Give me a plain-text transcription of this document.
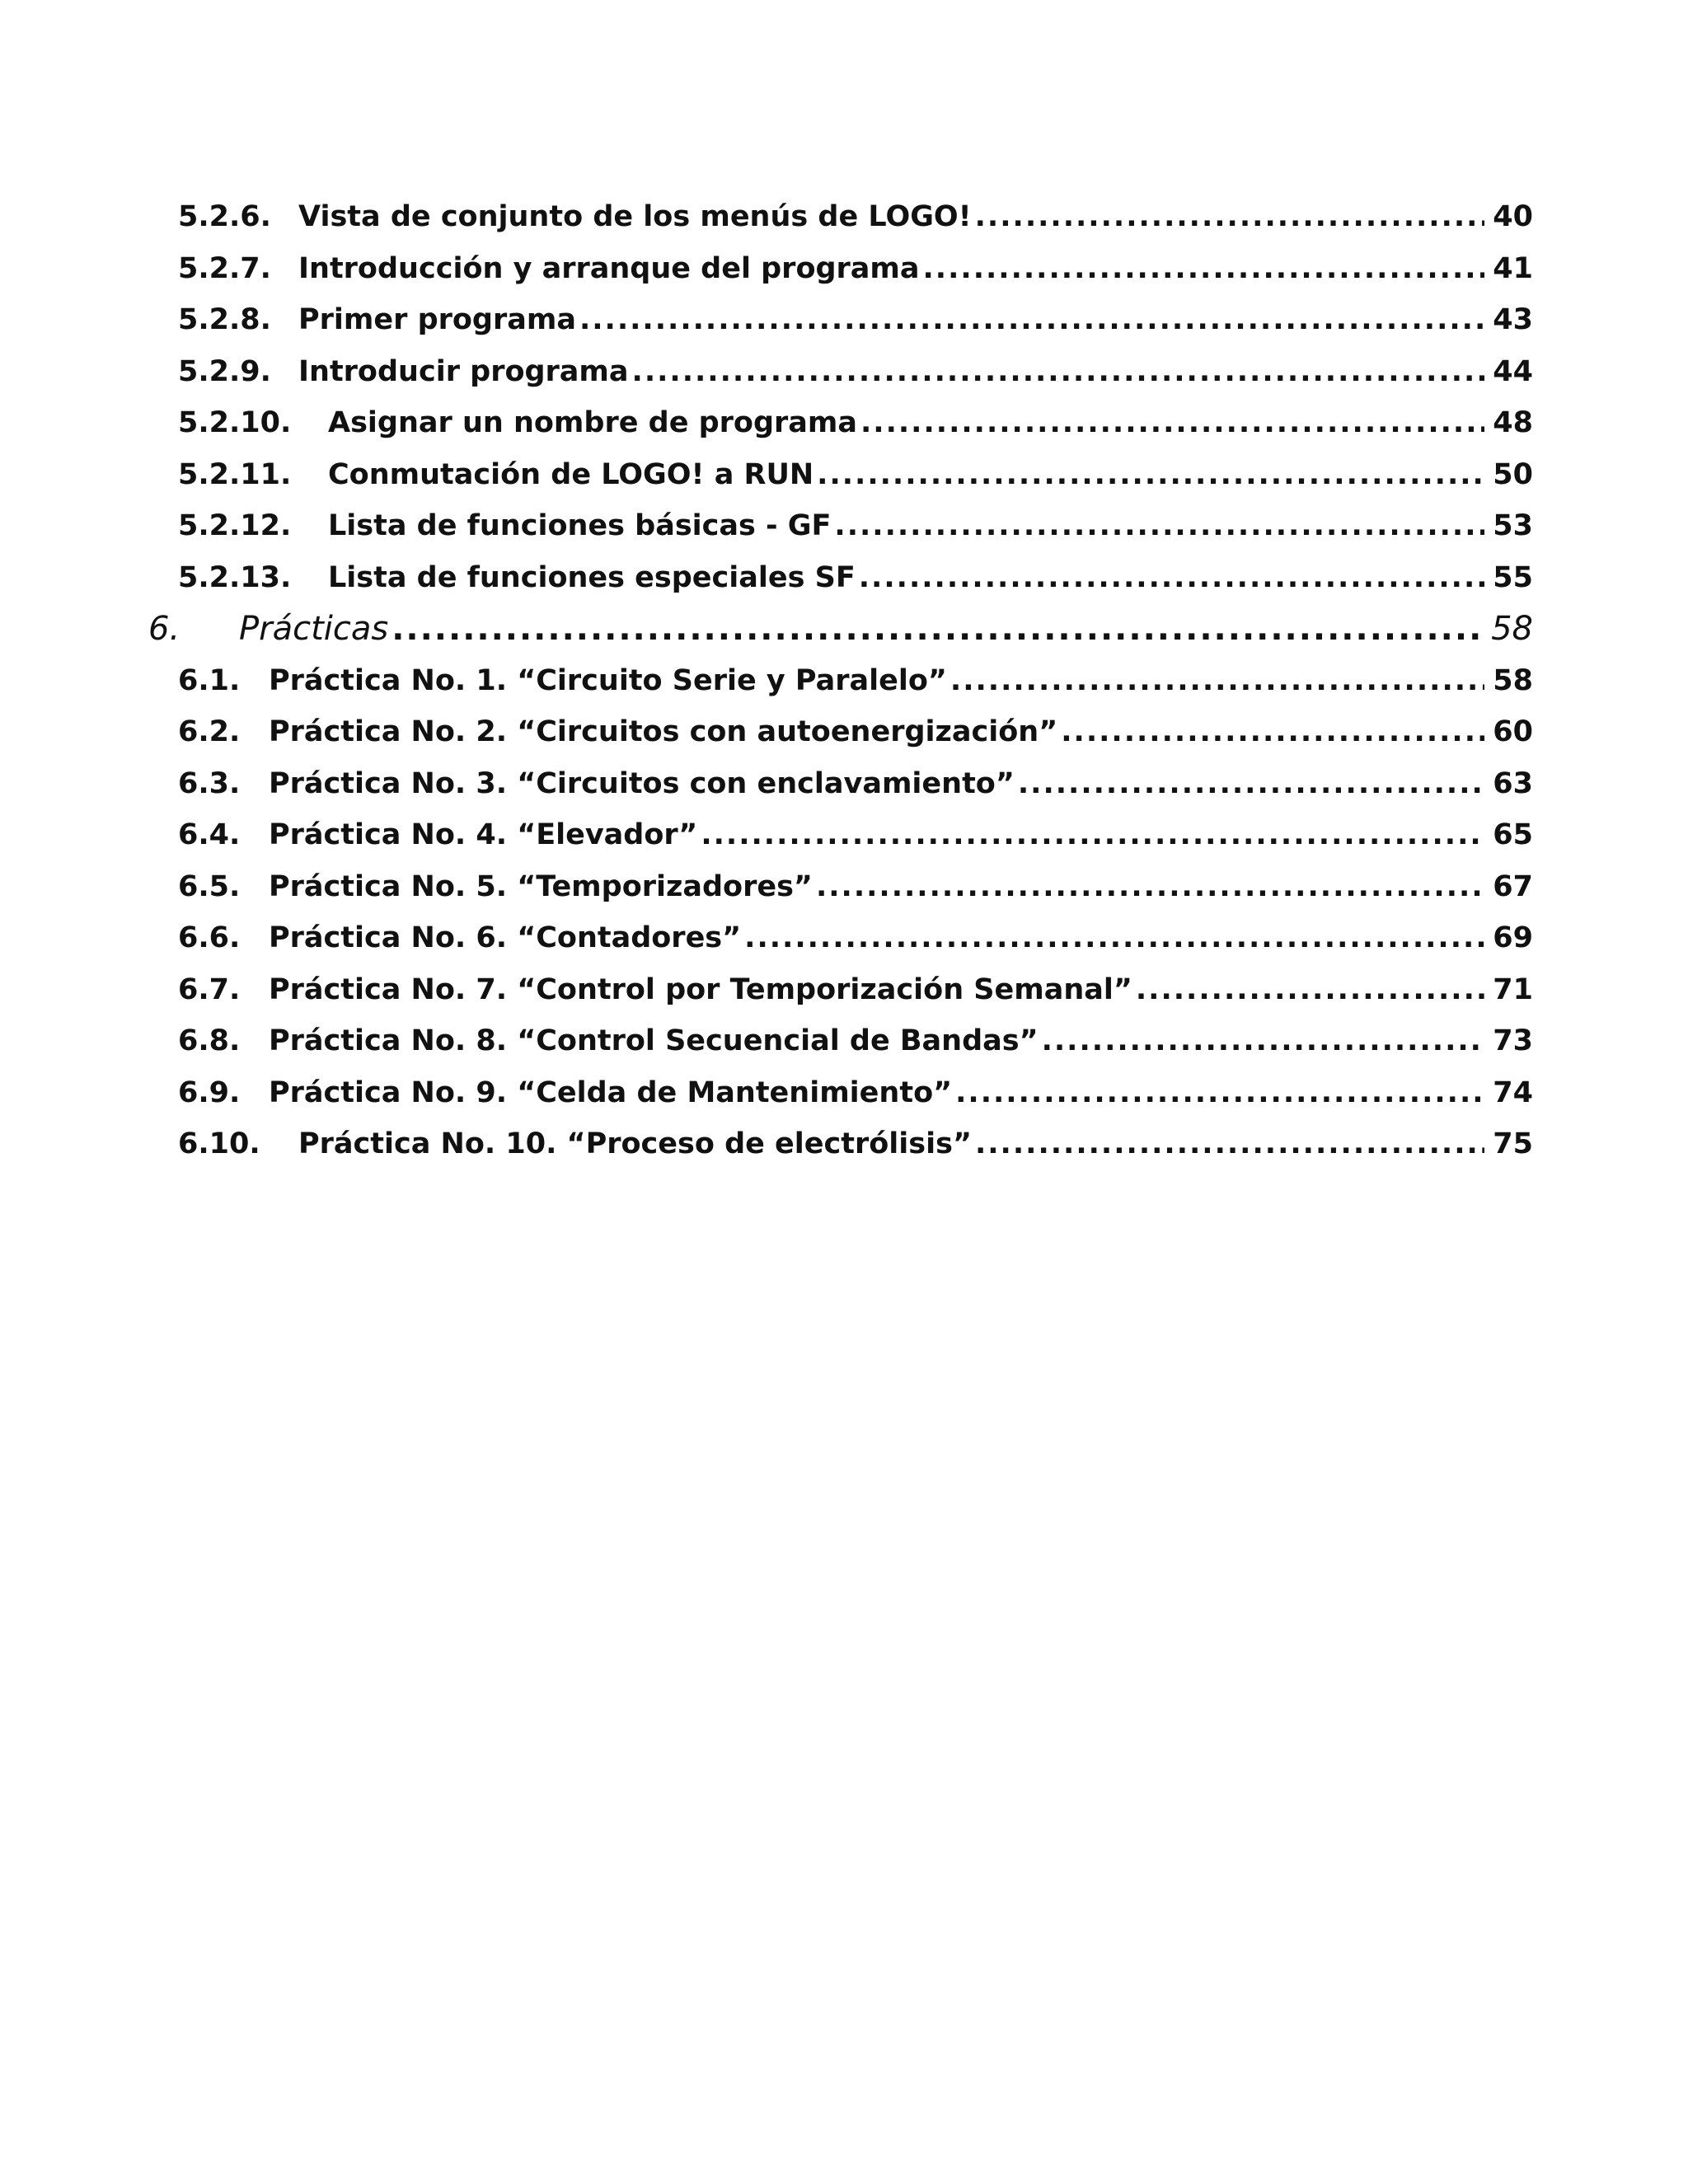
5.2.6. Vista de conjunto de los menús de LOGO! .....	40
5.2.7. Introducción y arranque del programa .....	41
5.2.8. Primer programa .....	43
5.2.9. Introducir programa .....	44
5.2.10. Asignar un nombre de programa .....	48
5.2.11. Conmutación de LOGO! a RUN .....	50
5.2.12. Lista de funciones básicas - GF .....	53
5.2.13. Lista de funciones especiales SF .....	55
6. Prácticas .....	58
6.1. Práctica No. 1. “Circuito Serie y Paralelo” .....	58
6.2. Práctica No. 2. “Circuitos con autoenergización” .....	60
6.3. Práctica No. 3. “Circuitos con enclavamiento” .....	63
6.4. Práctica No. 4. “Elevador” .....	65
6.5. Práctica No. 5. “Temporizadores” .....	67
6.6. Práctica No. 6. “Contadores” .....	69
6.7. Práctica No. 7. “Control por Temporización Semanal” .....	71
6.8. Práctica No. 8. “Control Secuencial de Bandas” .....	73
6.9. Práctica No. 9. “Celda de Mantenimiento” .....	74
6.10. Práctica No. 10. “Proceso de electrólisis” .....	75
